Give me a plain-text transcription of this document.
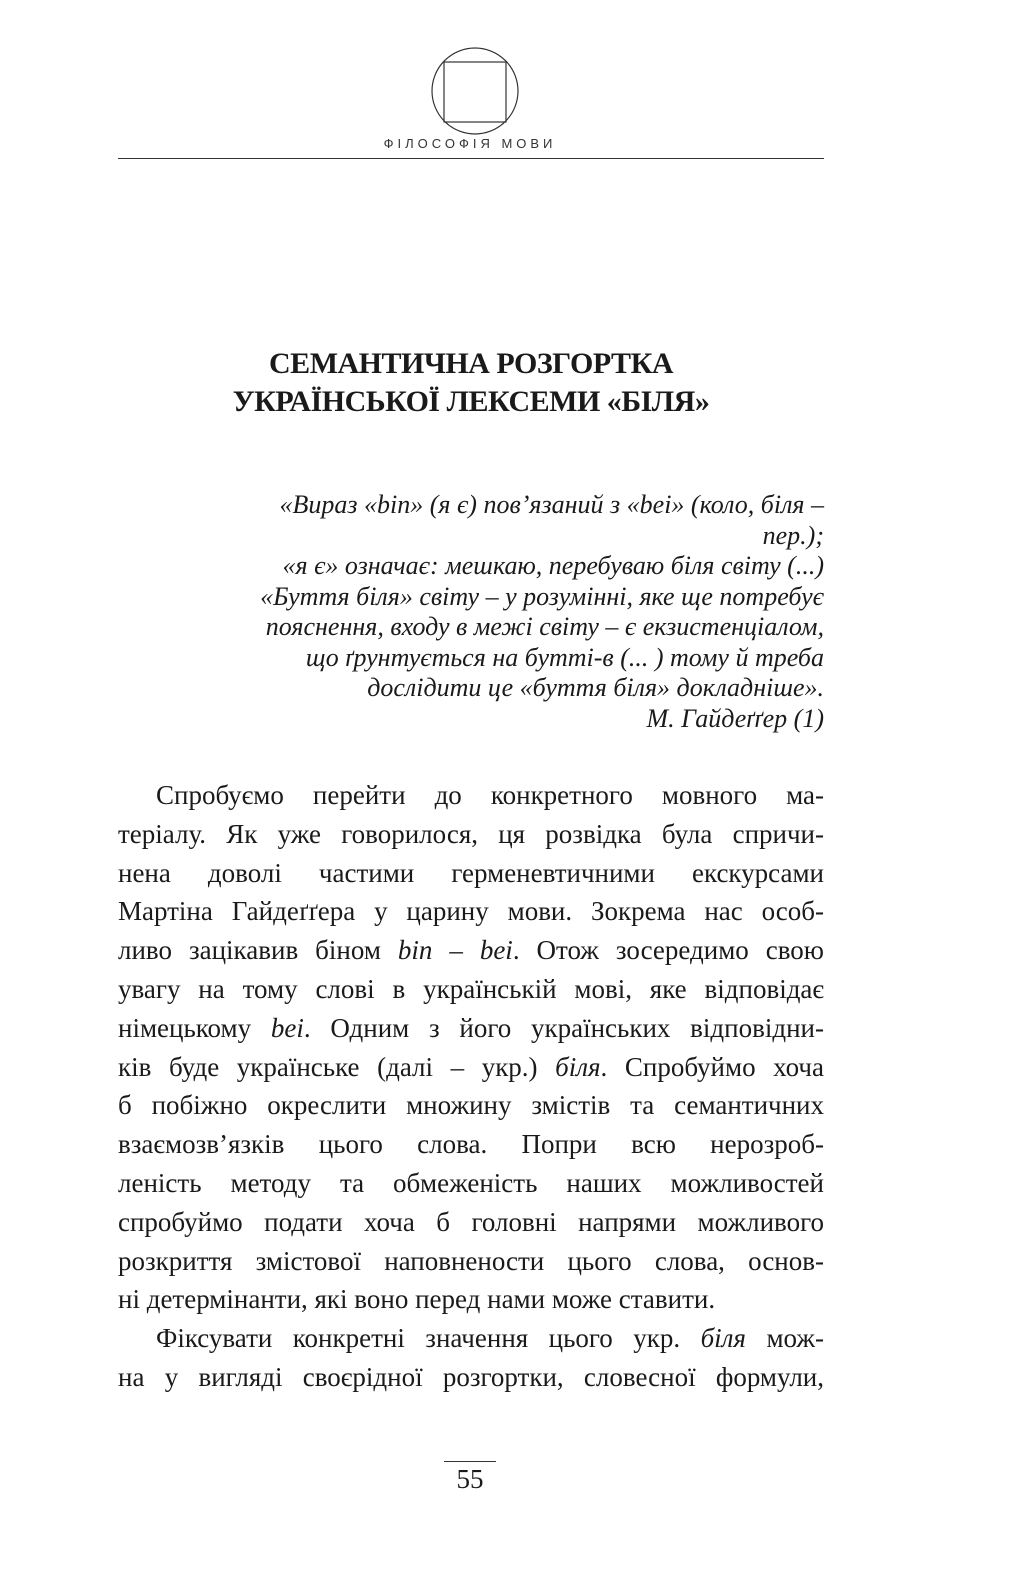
ФІЛОСОФІЯ МОВИ
СЕМАНТИЧНА РОЗГОРТКА
УКРАЇНСЬКОЇ ЛЕКСЕМИ «БІЛЯ»
«Вираз «bin» (я є) пов’язаний з «bei» (коло, біля –
пер.);
«я є» означає: мешкаю, перебуваю біля світу (...)
«Буття біля» світу – у розумінні, яке ще потребує
пояснення, входу в межі світу – є екзистенціалом,
що ґрунтується на бутті-в (... ) тому й треба
дослідити це «буття біля» докладніше».
М. Гайдеґґер (1)
Спробуємо перейти до конкретного мовного ма-
теріалу. Як уже говорилося, ця розвідка була спричи-
нена доволі частими герменевтичними екскурсами
Мартіна Гайдеґґера у царину мови. Зокрема нас особ-
ливо зацікавив біном bin – bei. Отож зосередимо свою
увагу на тому слові в українській мові, яке відповідає
німецькому bei. Одним з його українських відповідни-
ків буде українське (далі – укр.) біля. Спробуймо хоча
б побіжно окреслити множину змістів та семантичних
взаємозв’язків цього слова. Попри всю нерозроб-
леність методу та обмеженість наших можливостей
спробуймо подати хоча б головні напрями можливого
розкриття змістової наповнености цього слова, основ-
ні детермінанти, які воно перед нами може ставити.
Фіксувати конкретні значення цього укр. біля мож-
на у вигляді своєрідної розгортки, словесної формули,
55
